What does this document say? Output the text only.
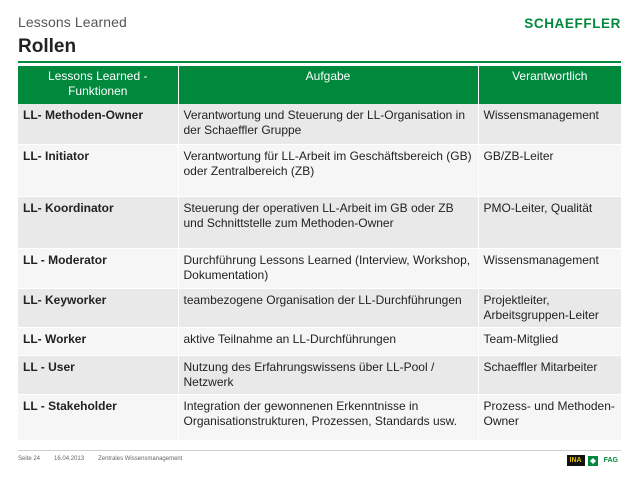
Lessons Learned
Rollen
SCHAEFFLER
Lessons Learned - Funktionen	Aufgabe	Verantwortlich
LL- Methoden-Owner	Verantwortung und Steuerung der LL-Organisation in der Schaeffler Gruppe	Wissensmanagement
LL- Initiator	Verantwortung für LL-Arbeit im Geschäftsbereich (GB) oder Zentralbereich (ZB)	GB/ZB-Leiter
LL- Koordinator	Steuerung der operativen LL-Arbeit im GB oder ZB und Schnittstelle zum Methoden-Owner	PMO-Leiter, Qualität
LL - Moderator	Durchführung Lessons Learned (Interview, Workshop, Dokumentation)	Wissensmanagement
LL- Keyworker	teambezogene Organisation der LL-Durchführungen	Projektleiter, Arbeitsgruppen-Leiter
LL- Worker	aktive Teilnahme an LL-Durchführungen	Team-Mitglied
LL - User	Nutzung des Erfahrungswissens über LL-Pool / Netzwerk	Schaeffler Mitarbeiter
LL - Stakeholder	Integration der gewonnenen Erkenntnisse in Organisationstrukturen, Prozessen, Standards usw.	Prozess- und Methoden-Owner
Seite 24 16.04.2013 Zentrales Wissensmanagement	INA	FAG
